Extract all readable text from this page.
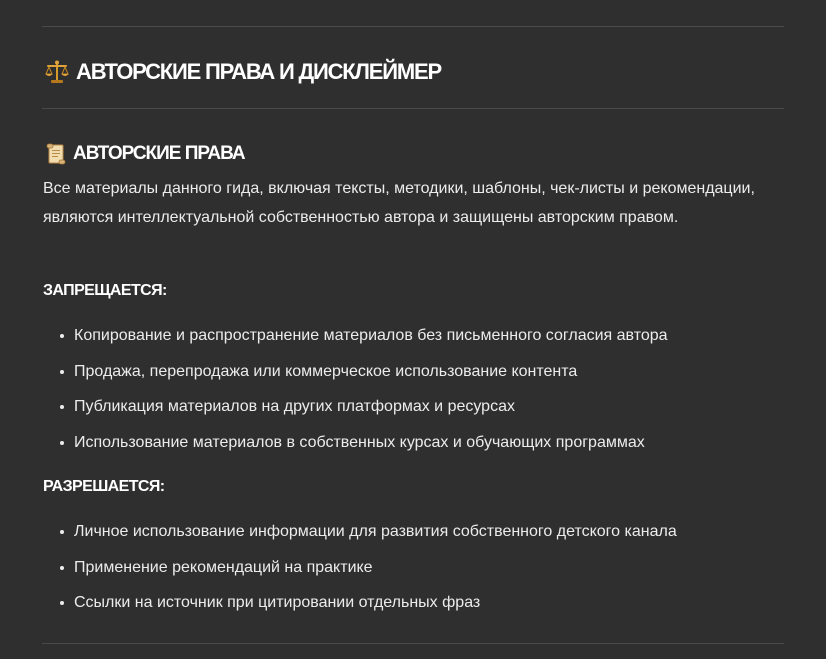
АВТОРСКИЕ ПРАВА И ДИСКЛЕЙМЕР
АВТОРСКИЕ ПРАВА
Все материалы данного гида, включая тексты, методики, шаблоны, чек-листы и рекомендации, являются интеллектуальной собственностью автора и защищены авторским правом.
ЗАПРЕЩАЕТСЯ:
Копирование и распространение материалов без письменного согласия автора
Продажа, перепродажа или коммерческое использование контента
Публикация материалов на других платформах и ресурсах
Использование материалов в собственных курсах и обучающих программах
РАЗРЕШАЕТСЯ:
Личное использование информации для развития собственного детского канала
Применение рекомендаций на практике
Ссылки на источник при цитировании отдельных фраз
